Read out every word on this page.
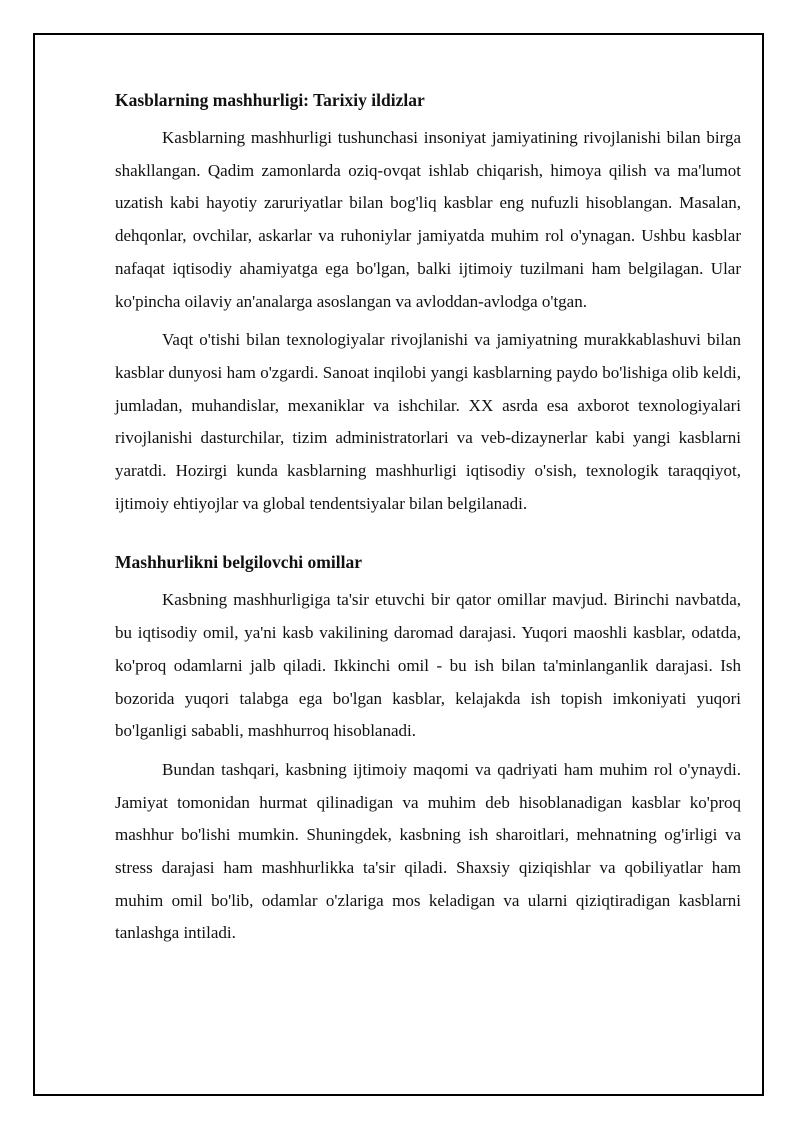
Kasblarning mashhurligi: Tarixiy ildizlar

Kasblarning mashhurligi tushunchasi insoniyat jamiyatining rivojlanishi bilan birga shakllangan. Qadim zamonlarda oziq-ovqat ishlab chiqarish, himoya qilish va ma'lumot uzatish kabi hayotiy zaruriyatlar bilan bog'liq kasblar eng nufuzli hisoblangan. Masalan, dehqonlar, ovchilar, askarlar va ruhoniylar jamiyatda muhim rol o'ynagan. Ushbu kasblar nafaqat iqtisodiy ahamiyatga ega bo'lgan, balki ijtimoiy tuzilmani ham belgilagan. Ular ko'pincha oilaviy an'analarga asoslangan va avloddan-avlodga o'tgan.

Vaqt o'tishi bilan texnologiyalar rivojlanishi va jamiyatning murakkablashuvi bilan kasblar dunyosi ham o'zgardi. Sanoat inqilobi yangi kasblarning paydo bo'lishiga olib keldi, jumladan, muhandislar, mexaniklar va ishchilar. XX asrda esa axborot texnologiyalari rivojlanishi dasturchilar, tizim administratorlari va veb-dizaynerlar kabi yangi kasblarni yaratdi. Hozirgi kunda kasblarning mashhurligi iqtisodiy o'sish, texnologik taraqqiyot, ijtimoiy ehtiyojlar va global tendentsiyalar bilan belgilanadi.

Mashhurlikni belgilovchi omillar

Kasbning mashhurligiga ta'sir etuvchi bir qator omillar mavjud. Birinchi navbatda, bu iqtisodiy omil, ya'ni kasb vakilining daromad darajasi. Yuqori maoshli kasblar, odatda, ko'proq odamlarni jalb qiladi. Ikkinchi omil - bu ish bilan ta'minlanganlik darajasi. Ish bozorida yuqori talabga ega bo'lgan kasblar, kelajakda ish topish imkoniyati yuqori bo'lganligi sababli, mashhurroq hisoblanadi.

Bundan tashqari, kasbning ijtimoiy maqomi va qadriyati ham muhim rol o'ynaydi. Jamiyat tomonidan hurmat qilinadigan va muhim deb hisoblanadigan kasblar ko'proq mashhur bo'lishi mumkin. Shuningdek, kasbning ish sharoitlari, mehnatning og'irligi va stress darajasi ham mashhurlikka ta'sir qiladi. Shaxsiy qiziqishlar va qobiliyatlar ham muhim omil bo'lib, odamlar o'zlariga mos keladigan va ularni qiziqtiradigan kasblarni tanlashga intiladi.
